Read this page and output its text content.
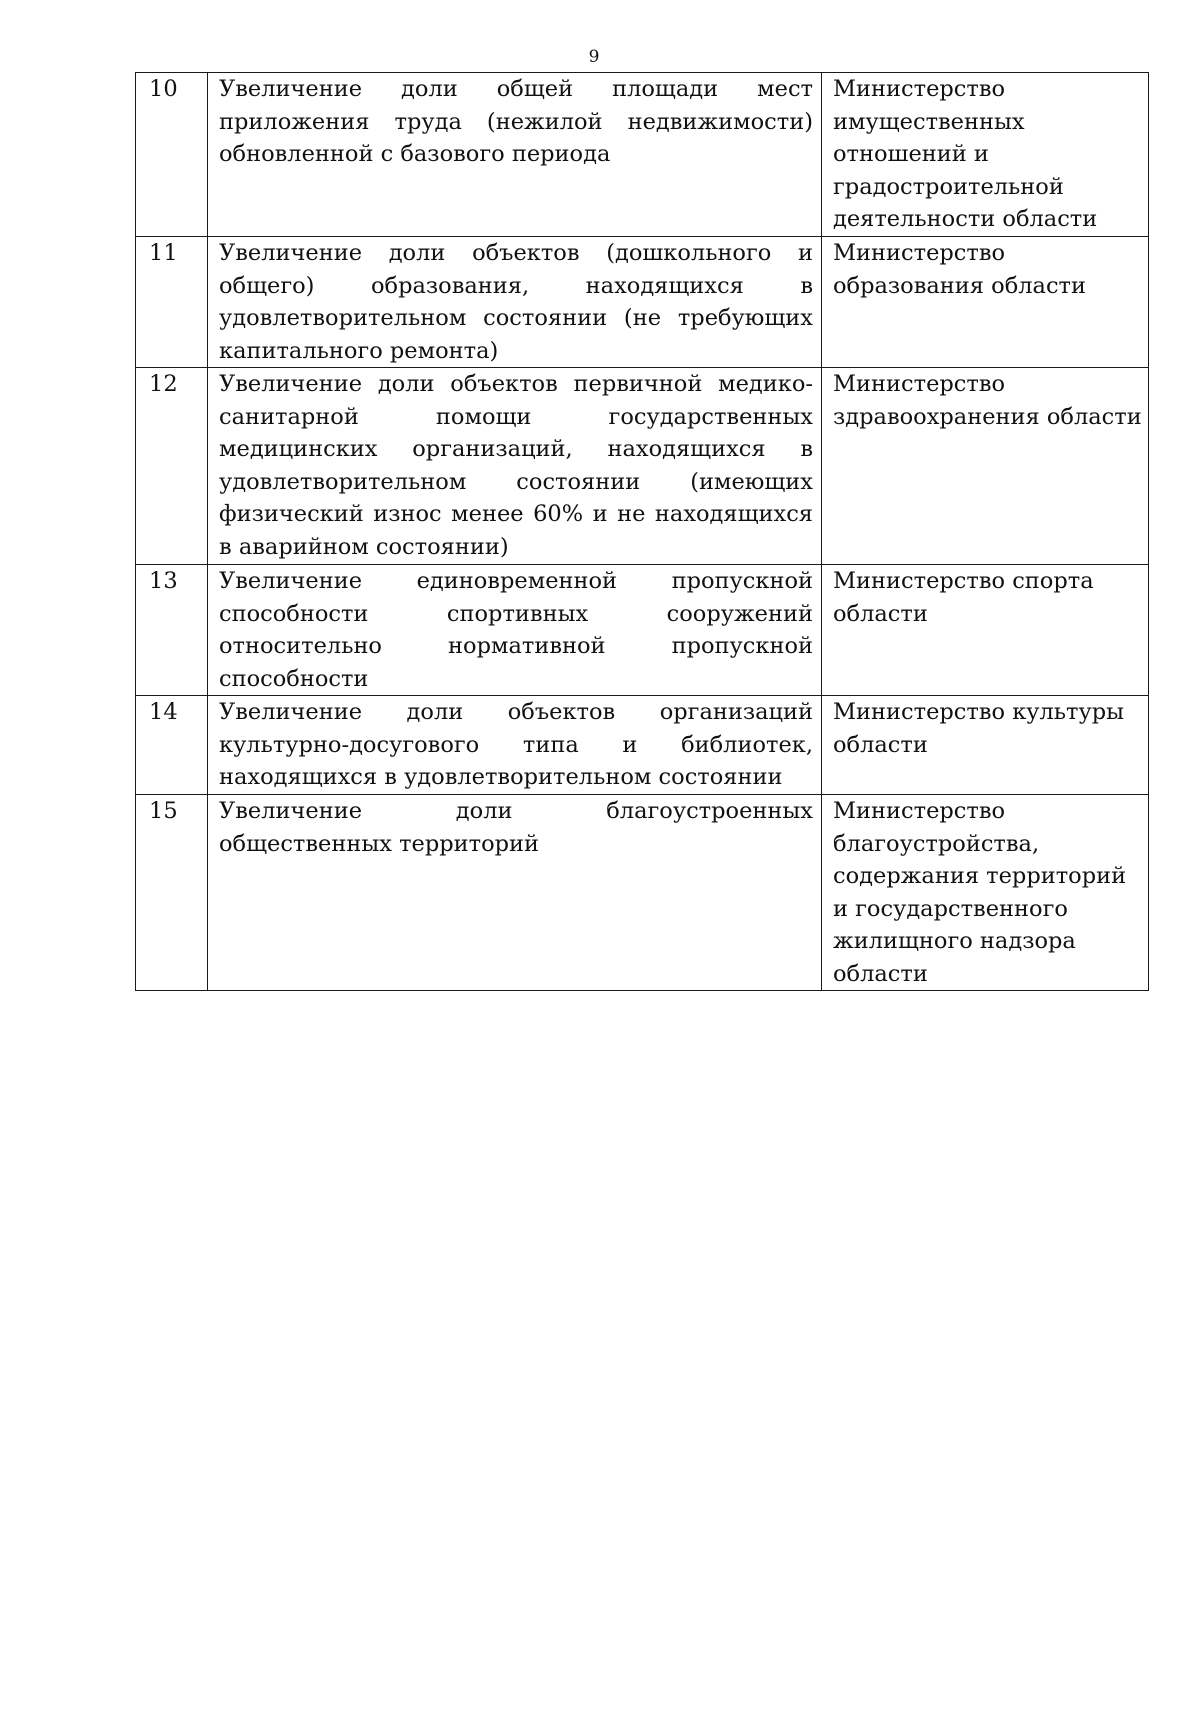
9
10	Увеличение доли общей площади мест приложения труда (нежилой недвижимости) обновленной с базового периода	Министерство имущественных отношений и градостроительной деятельности области

11	Увеличение доли объектов (дошкольного и общего) образования, находящихся в удовлетворительном состоянии (не требующих капитального ремонта)	Министерство образования области

12	Увеличение доли объектов первичной медико-санитарной помощи государственных медицинских организаций, находящихся в удовлетворительном состоянии (имеющих физический износ менее 60% и не находящихся в аварийном состоянии)	Министерство здравоохранения области

13	Увеличение единовременной пропускной способности спортивных сооружений относительно нормативной пропускной способности	Министерство спорта области

14	Увеличение доли объектов организаций культурно-досугового типа и библиотек, находящихся в удовлетворительном состоянии	Министерство культуры области

15	Увеличение доли благоустроенных общественных территорий	Министерство благоустройства, содержания территорий и государственного жилищного надзора области
